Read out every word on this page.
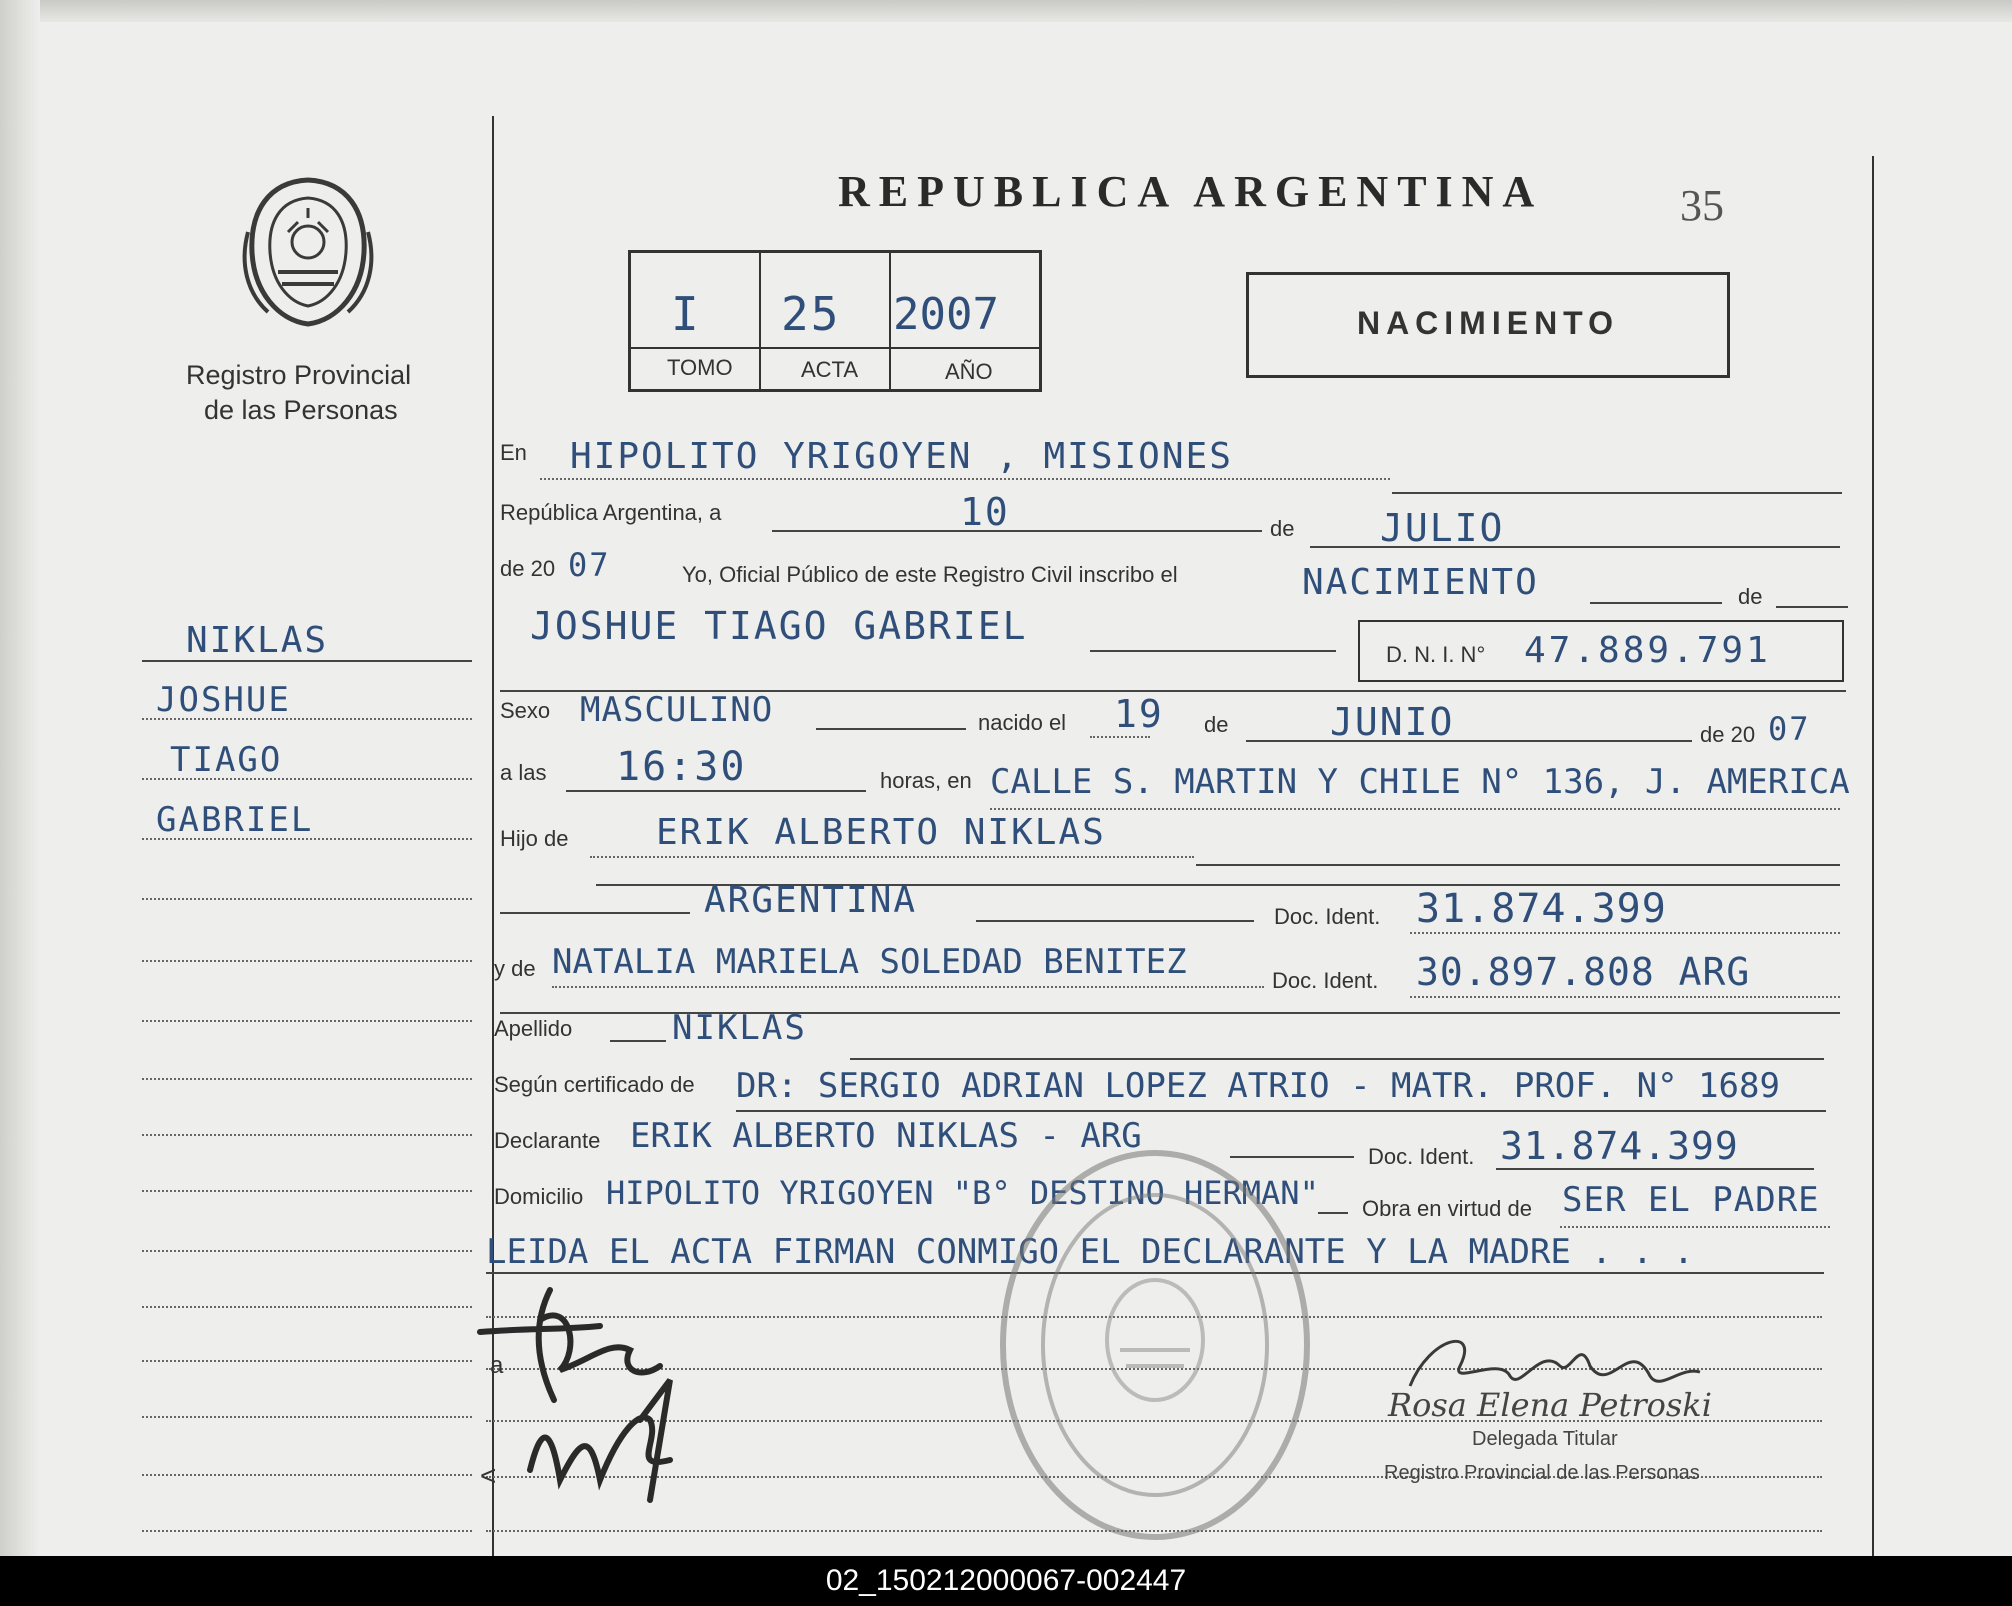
Registro Provincial
de las Personas
NIKLAS
JOSHUE
TIAGO
GABRIEL
REPUBLICA ARGENTINA	35
I 25 2007
TOMO	ACTA	AÑO
NACIMIENTO
En HIPOLITO YRIGOYEN , MISIONES
República Argentina, a	10	de JULIO
de 20 07	Yo, Oficial Público de este Registro Civil inscribo el	NACIMIENTO	de
JOSHUE TIAGO GABRIEL
D. N. I. N° 47.889.791
Sexo MASCULINO	nacido el 19 de	JUNIO	de 20 07
a las 16:30	horas, en CALLE S. MARTIN Y CHILE N° 136, J. AMERICA
Hijo de ERIK ALBERTO NIKLAS
ARGENTINA	Doc. Ident. 31.874.399
y de NATALIA MARIELA SOLEDAD BENITEZ	Doc. Ident. 30.897.808 ARG
Apellido	NIKLAS
Según certificado de DR: SERGIO ADRIAN LOPEZ ATRIO - MATR. PROF. N° 1689
Declarante ERIK ALBERTO NIKLAS - ARG
Doc. Ident. 31.874.399
Domicilio HIPOLITO YRIGOYEN "B° DESTINO HERMAN" Obra en virtud de SER EL PADRE
LEIDA EL ACTA FIRMAN CONMIGO EL DECLARANTE Y LA MADRE . . .
a
<
Rosa Elena Petroski
Delegada Titular
Registro Provincial de las Personas
02_150212000067-002447
